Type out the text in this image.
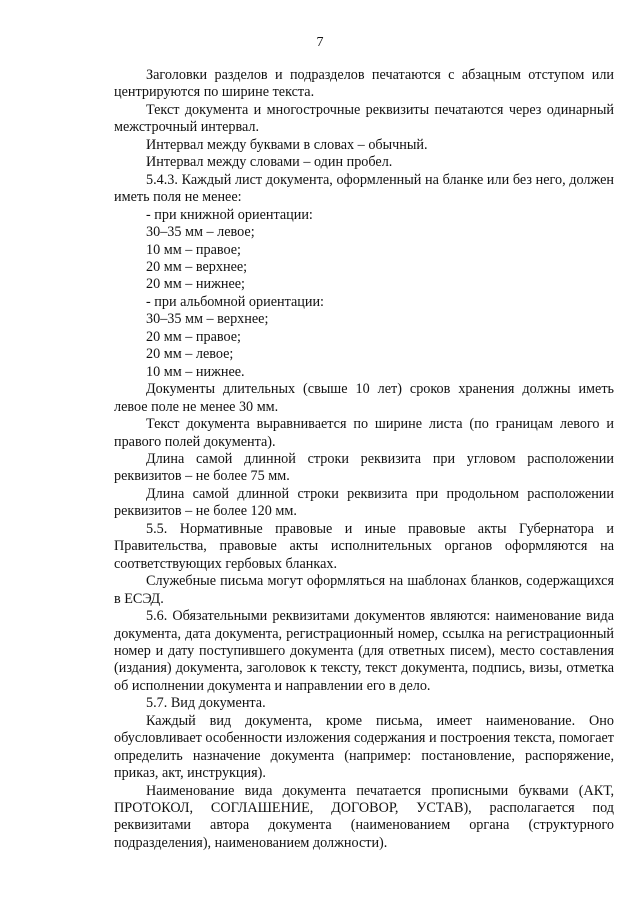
7

Заголовки разделов и подразделов печатаются с абзацным отступом или центрируются по ширине текста.

Текст документа и многострочные реквизиты печатаются через одинарный межстрочный интервал.

Интервал между буквами в словах – обычный.

Интервал между словами – один пробел.

5.4.3. Каждый лист документа, оформленный на бланке или без него, должен иметь поля не менее:

- при книжной ориентации:

30–35 мм – левое;

10 мм – правое;

20 мм – верхнее;

20 мм – нижнее;

- при альбомной ориентации:

30–35 мм – верхнее;

20 мм – правое;

20 мм – левое;

10 мм – нижнее.

Документы длительных (свыше 10 лет) сроков хранения должны иметь левое поле не менее 30 мм.

Текст документа выравнивается по ширине листа (по границам левого и правого полей документа).

Длина самой длинной строки реквизита при угловом расположении реквизитов – не более 75 мм.

Длина самой длинной строки реквизита при продольном расположении реквизитов – не более 120 мм.

5.5. Нормативные правовые и иные правовые акты Губернатора и Правительства, правовые акты исполнительных органов оформляются на соответствующих гербовых бланках.

Служебные письма могут оформляться на шаблонах бланков, содержащихся в ЕСЭД.

5.6. Обязательными реквизитами документов являются: наименование вида документа, дата документа, регистрационный номер, ссылка на регистрационный номер и дату поступившего документа (для ответных писем), место составления (издания) документа, заголовок к тексту, текст документа, подпись, визы, отметка об исполнении документа и направлении его в дело.

5.7. Вид документа.

Каждый вид документа, кроме письма, имеет наименование. Оно обусловливает особенности изложения содержания и построения текста, помогает определить назначение документа (например: постановление, распоряжение, приказ, акт, инструкция).

Наименование вида документа печатается прописными буквами (АКТ, ПРОТОКОЛ, СОГЛАШЕНИЕ, ДОГОВОР, УСТАВ), располагается под реквизитами автора документа (наименованием органа (структурного подразделения), наименованием должности).
